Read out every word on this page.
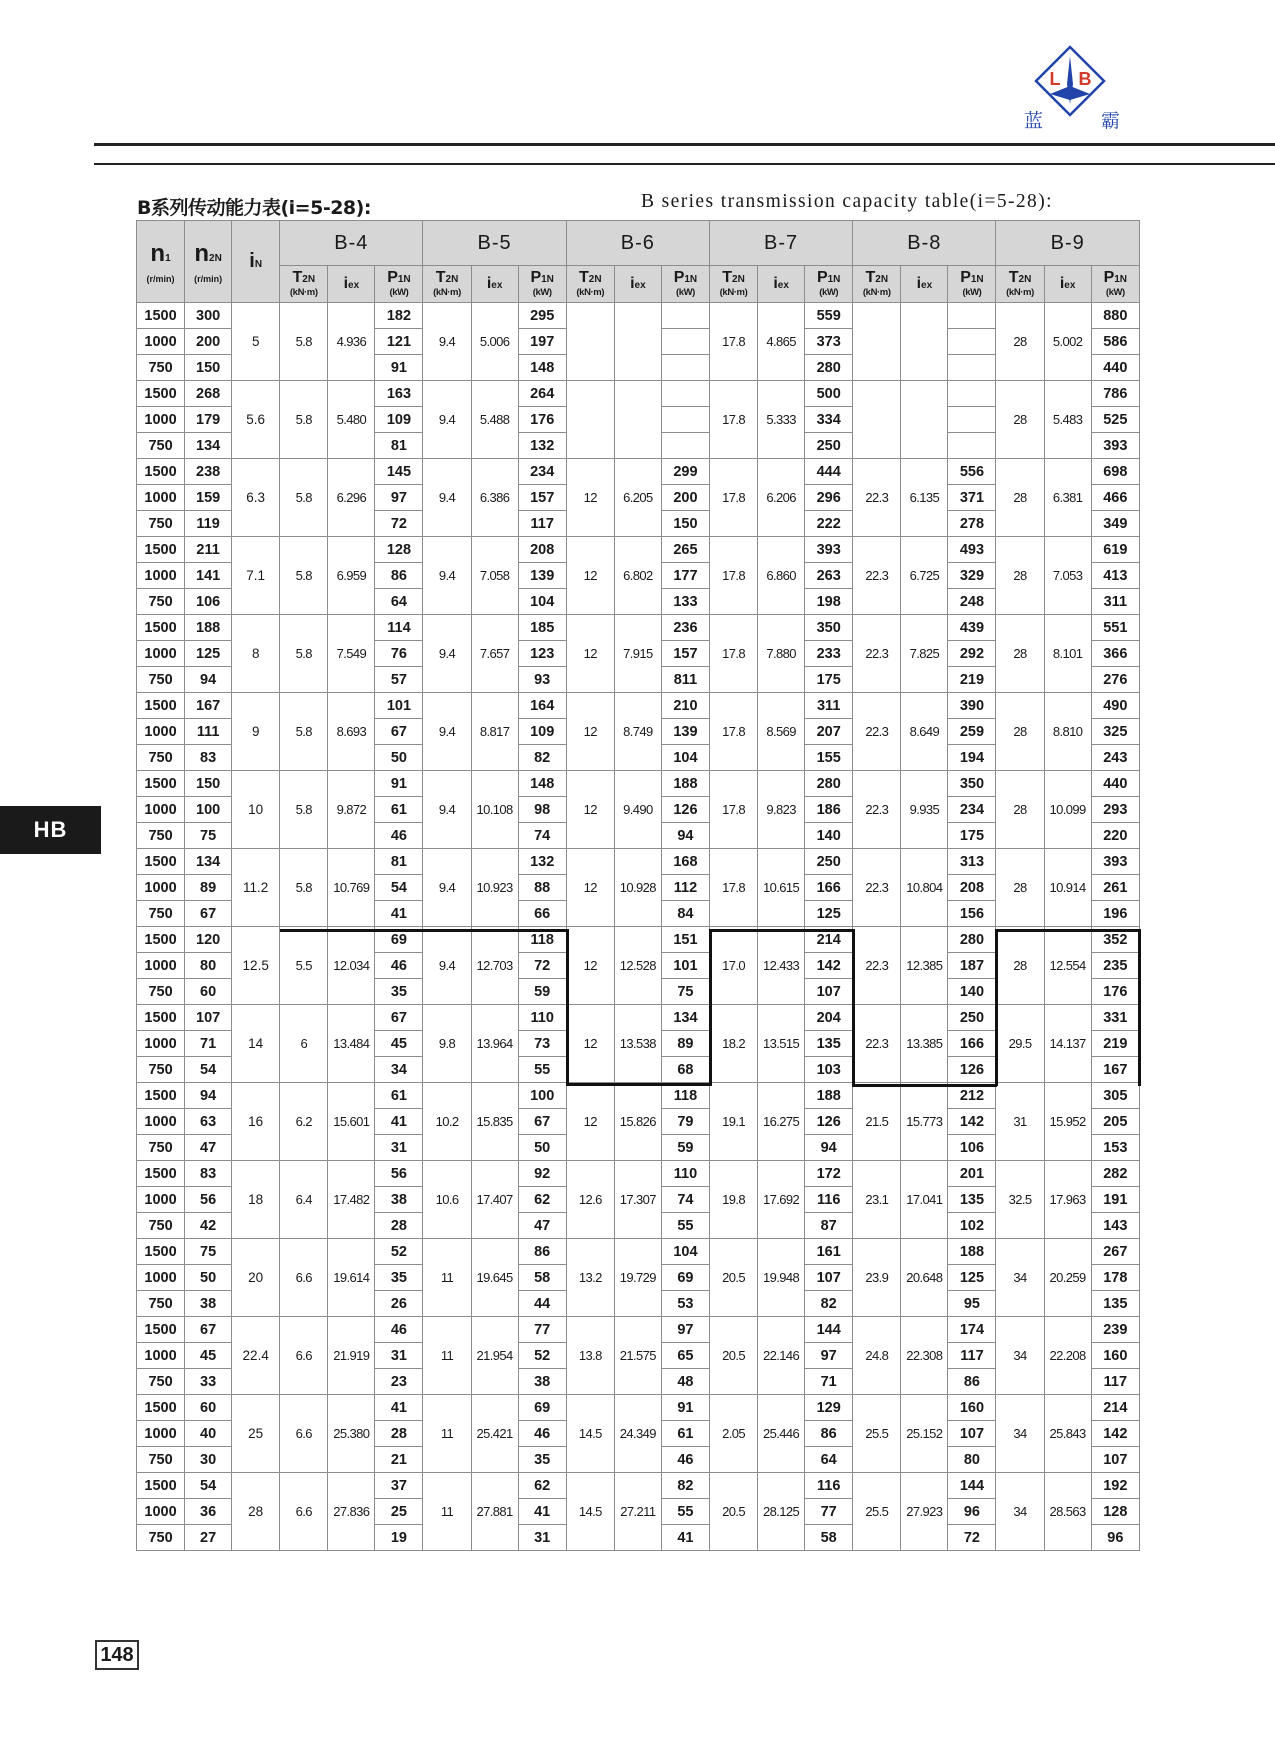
L B
蓝	霸
B系列传动能力表(i=5-28):	B series transmission capacity table(i=5-28):
n1
(r/min)	n2N
(r/min)	iN	B-4			B-5			B-6			B-7			B-8			B-9		
			T2N
(kN·m)	iex	P1N
(kW)	T2N
(kN·m)	iex	P1N
(kW)	T2N
(kN·m)	iex	P1N
(kW)	T2N
(kN·m)	iex	P1N
(kW)	T2N
(kN·m)	iex	P1N
(kW)	T2N
(kN·m)	iex	P1N
(kW)

1500	300	5	5.8	4.936	182	9.4	5.006	295				17.8	4.865	559				28	5.002	880
1000	200				121			197						373						586
750	150				91			148						280						440
1500	268	5.6	5.8	5.480	163	9.4	5.488	264				17.8	5.333	500				28	5.483	786
1000	179				109			176						334						525
750	134				81			132						250						393
1500	238	6.3	5.8	6.296	145	9.4	6.386	234	12	6.205	299	17.8	6.206	444	22.3	6.135	556	28	6.381	698
1000	159				97			157			200			296			371			466
750	119				72			117			150			222			278			349
1500	211	7.1	5.8	6.959	128	9.4	7.058	208	12	6.802	265	17.8	6.860	393	22.3	6.725	493	28	7.053	619
1000	141				86			139			177			263			329			413
750	106				64			104			133			198			248			311
1500	188	8	5.8	7.549	114	9.4	7.657	185	12	7.915	236	17.8	7.880	350	22.3	7.825	439	28	8.101	551
1000	125				76			123			157			233			292			366
750	94				57			93			811			175			219			276
1500	167	9	5.8	8.693	101	9.4	8.817	164	12	8.749	210	17.8	8.569	311	22.3	8.649	390	28	8.810	490
1000	111				67			109			139			207			259			325
750	83				50			82			104			155			194			243
1500	150	10	5.8	9.872	91	9.4	10.108	148	12	9.490	188	17.8	9.823	280	22.3	9.935	350	28	10.099	440
1000	100				61			98			126			186			234			293
750	75				46			74			94			140			175			220
1500	134	11.2	5.8	10.769	81	9.4	10.923	132	12	10.928	168	17.8	10.615	250	22.3	10.804	313	28	10.914	393
1000	89				54			88			112			166			208			261
750	67				41			66			84			125			156			196
1500	120	12.5	5.5	12.034	69	9.4	12.703	118	12	12.528	151	17.0	12.433	214	22.3	12.385	280	28	12.554	352
1000	80				46			72			101			142			187			235
750	60				35			59			75			107			140			176
1500	107	14	6	13.484	67	9.8	13.964	110	12	13.538	134	18.2	13.515	204	22.3	13.385	250	29.5	14.137	331
1000	71				45			73			89			135			166			219
750	54				34			55			68			103			126			167
1500	94	16	6.2	15.601	61	10.2	15.835	100	12	15.826	118	19.1	16.275	188	21.5	15.773	212	31	15.952	305
1000	63				41			67			79			126			142			205
750	47				31			50			59			94			106			153
1500	83	18	6.4	17.482	56	10.6	17.407	92	12.6	17.307	110	19.8	17.692	172	23.1	17.041	201	32.5	17.963	282
1000	56				38			62			74			116			135			191
750	42				28			47			55			87			102			143
1500	75	20	6.6	19.614	52	11	19.645	86	13.2	19.729	104	20.5	19.948	161	23.9	20.648	188	34	20.259	267
1000	50				35			58			69			107			125			178
750	38				26			44			53			82			95			135
1500	67	22.4	6.6	21.919	46	11	21.954	77	13.8	21.575	97	20.5	22.146	144	24.8	22.308	174	34	22.208	239
1000	45				31			52			65			97			117			160
750	33				23			38			48			71			86			117
1500	60	25	6.6	25.380	41	11	25.421	69	14.5	24.349	91	2.05	25.446	129	25.5	25.152	160	34	25.843	214
1000	40				28			46			61			86			107			142
750	30				21			35			46			64			80			107
1500	54	28	6.6	27.836	37	11	27.881	62	14.5	27.211	82	20.5	28.125	116	25.5	27.923	144	34	28.563	192
1000	36				25			41			55			77			96			128
750	27				19			31			41			58			72			96
HB
148
